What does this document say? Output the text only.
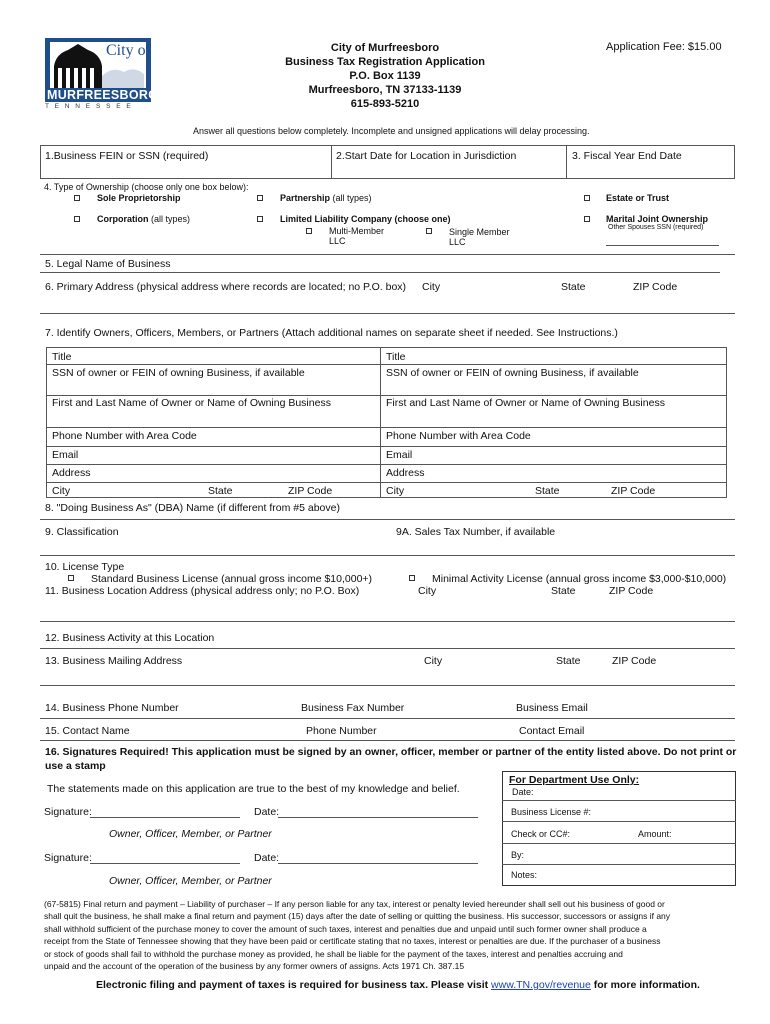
City of
MURFREESBORO
T E N N E S S E E
City of Murfreesboro
Business Tax Registration Application
P.O. Box 1139
Murfreesboro, TN 37133-1139
615-893-5210
Application Fee: $15.00
Answer all questions below completely. Incomplete and unsigned applications will delay processing.
1.Business FEIN or SSN (required)	2.Start Date for Location in Jurisdiction	3. Fiscal Year End Date
4. Type of Ownership (choose only one box below):
Sole Proprietorship	Partnership (all types)	Estate or Trust
Corporation (all types)	Limited Liability Company (choose one)	Marital Joint Ownership
Other Spouses SSN (required)
Multi-Member
LLC
Single Member
LLC
5. Legal Name of Business
6. Primary Address (physical address where records are located; no P.O. box) City	State	ZIP Code
7. Identify Owners, Officers, Members, or Partners (Attach additional names on separate sheet if needed. See Instructions.)
Title	Title
SSN of owner or FEIN of owning Business, if available	SSN of owner or FEIN of owning Business, if available
First and Last Name of Owner or Name of Owning Business	First and Last Name of Owner or Name of Owning Business
Phone Number with Area Code	Phone Number with Area Code
Email	Email
Address	Address
City	State	ZIP Code	City	State	ZIP Code
8. "Doing Business As" (DBA) Name (if different from #5 above)
9. Classification	9A. Sales Tax Number, if available
10. License Type
Standard Business License (annual gross income $10,000+)	Minimal Activity License (annual gross income $3,000-$10,000)
11. Business Location Address (physical address only; no P.O. Box)	City	State	ZIP Code
12. Business Activity at this Location
13. Business Mailing Address	City	State	ZIP Code
14. Business Phone Number	Business Fax Number	Business Email
15. Contact Name	Phone Number	Contact Email
16. Signatures Required! This application must be signed by an owner, officer, member or partner of the entity listed above. Do not print or
use a stamp
The statements made on this application are true to the best of my knowledge and belief.
Signature:	Date:
Owner, Officer, Member, or Partner
Signature:	Date:
Owner, Officer, Member, or Partner
For Department Use Only:
Date:
Business License #:
Check or CC#:	Amount:
By:
Notes:
(67-5815) Final return and payment – Liability of purchaser – If any person liable for any tax, interest or penalty levied hereunder shall sell out his business of good or
shall quit the business, he shall make a final return and payment (15) days after the date of selling or quitting the business. His successor, successors or assigns if any
shall withhold sufficient of the purchase money to cover the amount of such taxes, interest and penalties due and unpaid until such former owner shall produce a
receipt from the State of Tennessee showing that they have been paid or certificate stating that no taxes, interest or penalties are due. If the purchaser of a business
or stock of goods shall fail to withhold the purchase money as provided, he shall be liable for the payment of the taxes, interest and penalties accruing and
unpaid and the account of the operation of the business by any former owners of assigns. Acts 1971 Ch. 387.15
Electronic filing and payment of taxes is required for business tax. Please visit www.TN.gov/revenue for more information.
